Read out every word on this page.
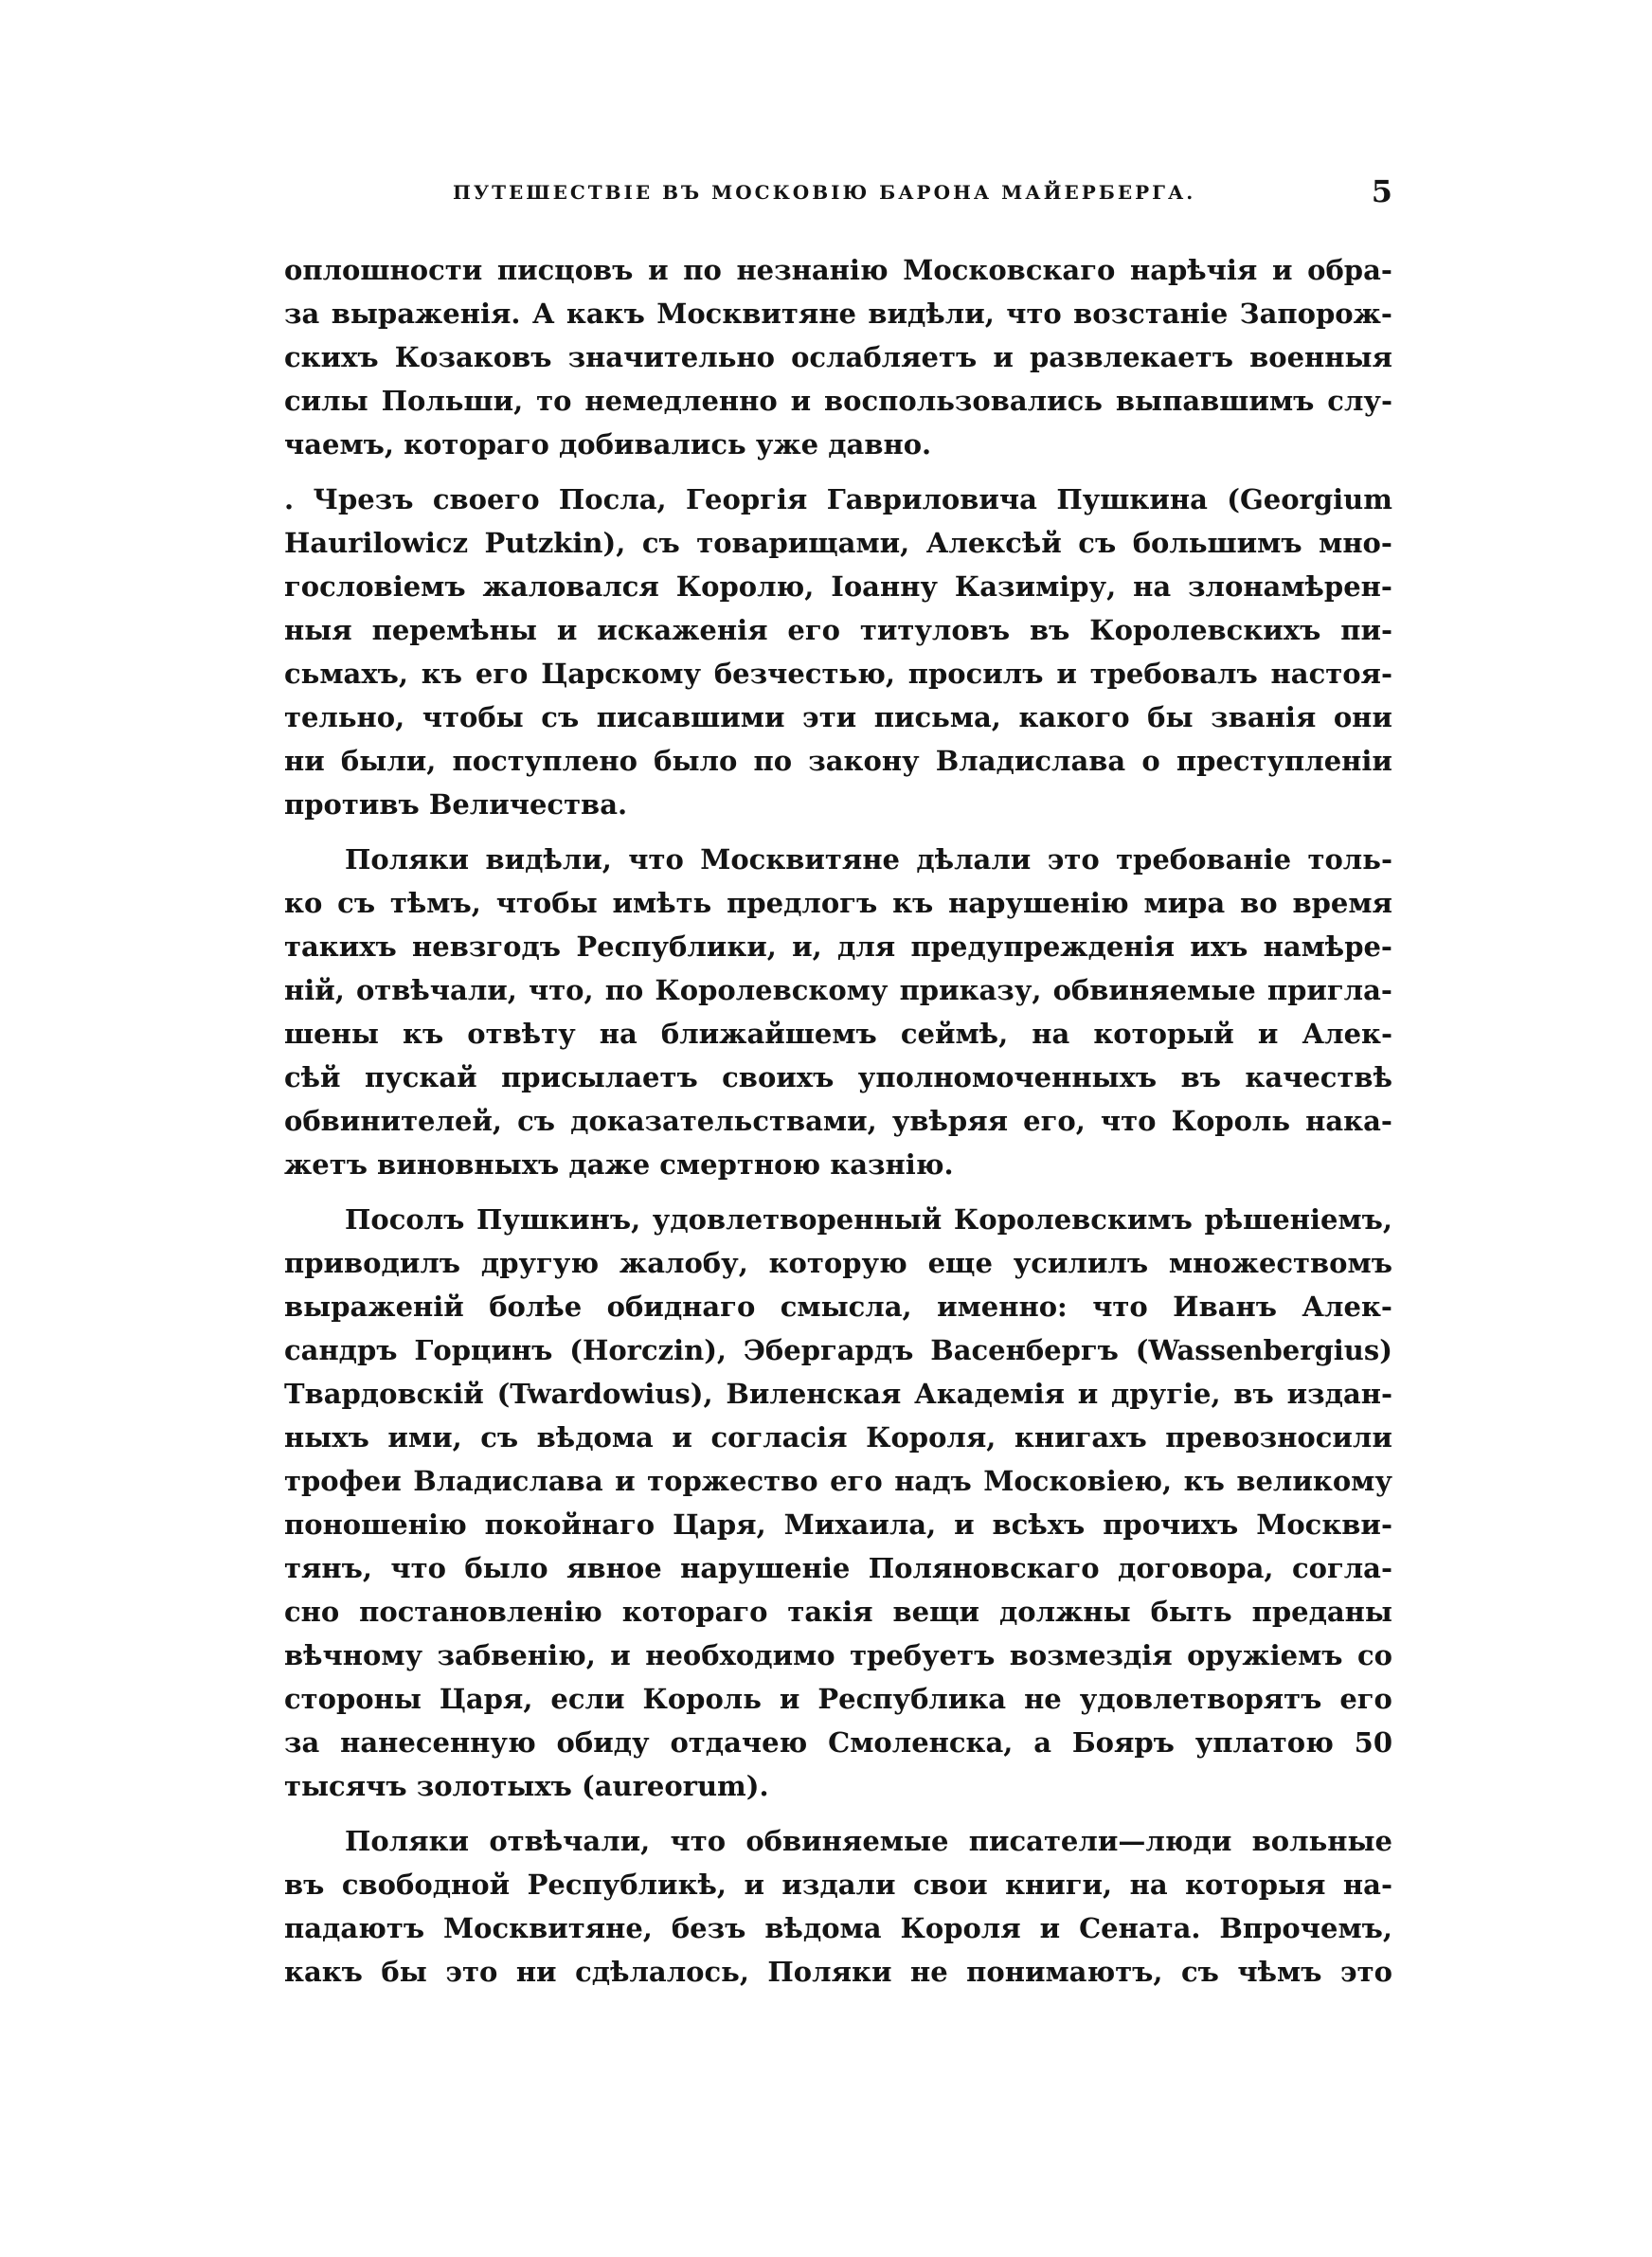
ПУТЕШЕСТВІЕ ВЪ МОСКОВІЮ БАРОНА МАЙЕРБЕРГА.	5
оплошности писцовъ и по незнанію Московскаго нарѣчія и обра-
за выраженія. А какъ Москвитяне видѣли, что возстаніе Запорож-
скихъ Козаковъ значительно ослабляетъ и развлекаетъ военныя
силы Польши, то немедленно и воспользовались выпавшимъ слу-
чаемъ, котораго добивались уже давно.
. Чрезъ своего Посла, Георгія Гавриловича Пушкина (Georgium
Haurilowicz Putzkin), съ товарищами, Алексѣй съ большимъ мно-
гословіемъ жаловался Королю, Іоанну Казиміру, на злонамѣрен-
ныя перемѣны и искаженія его титуловъ въ Королевскихъ пи-
сьмахъ, къ его Царскому безчестью, просилъ и требовалъ настоя-
тельно, чтобы съ писавшими эти письма, какого бы званія они
ни были, поступлено было по закону Владислава о преступленіи
противъ Величества.
Поляки видѣли, что Москвитяне дѣлали это требованіе толь-
ко съ тѣмъ, чтобы имѣть предлогъ къ нарушенію мира во время
такихъ невзгодъ Республики, и, для предупрежденія ихъ намѣре-
ній, отвѣчали, что, по Королевскому приказу, обвиняемые пригла-
шены къ отвѣту на ближайшемъ сеймѣ, на который и Алек-
сѣй пускай присылаетъ своихъ уполномоченныхъ въ качествѣ
обвинителей, съ доказательствами, увѣряя его, что Король нака-
жетъ виновныхъ даже смертною казнію.
Посолъ Пушкинъ, удовлетворенный Королевскимъ рѣшеніемъ,
приводилъ другую жалобу, которую еще усилилъ множествомъ
выраженій болѣе обиднаго смысла, именно: что Иванъ Алек-
сандръ Горцинъ (Horczin), Эбергардъ Васенбергъ (Wassenbergius)
Твардовскій (Twardowius), Виленская Академія и другіе, въ издан-
ныхъ ими, съ вѣдома и согласія Короля, книгахъ превозносили
трофеи Владислава и торжество его надъ Московіею, къ великому
поношенію покойнаго Царя, Михаила, и всѣхъ прочихъ Москви-
тянъ, что было явное нарушеніе Поляновскаго договора, согла-
сно постановленію котораго такія вещи должны быть преданы
вѣчному забвенію, и необходимо требуетъ возмездія оружіемъ со
стороны Царя, если Король и Республика не удовлетворятъ его
за нанесенную обиду отдачею Смоленска, а Бояръ уплатою 50
тысячъ золотыхъ (aureorum).
Поляки отвѣчали, что обвиняемые писатели—люди вольные
въ свободной Республикѣ, и издали свои книги, на которыя на-
падаютъ Москвитяне, безъ вѣдома Короля и Сената. Впрочемъ,
какъ бы это ни сдѣлалось, Поляки не понимаютъ, съ чѣмъ это
